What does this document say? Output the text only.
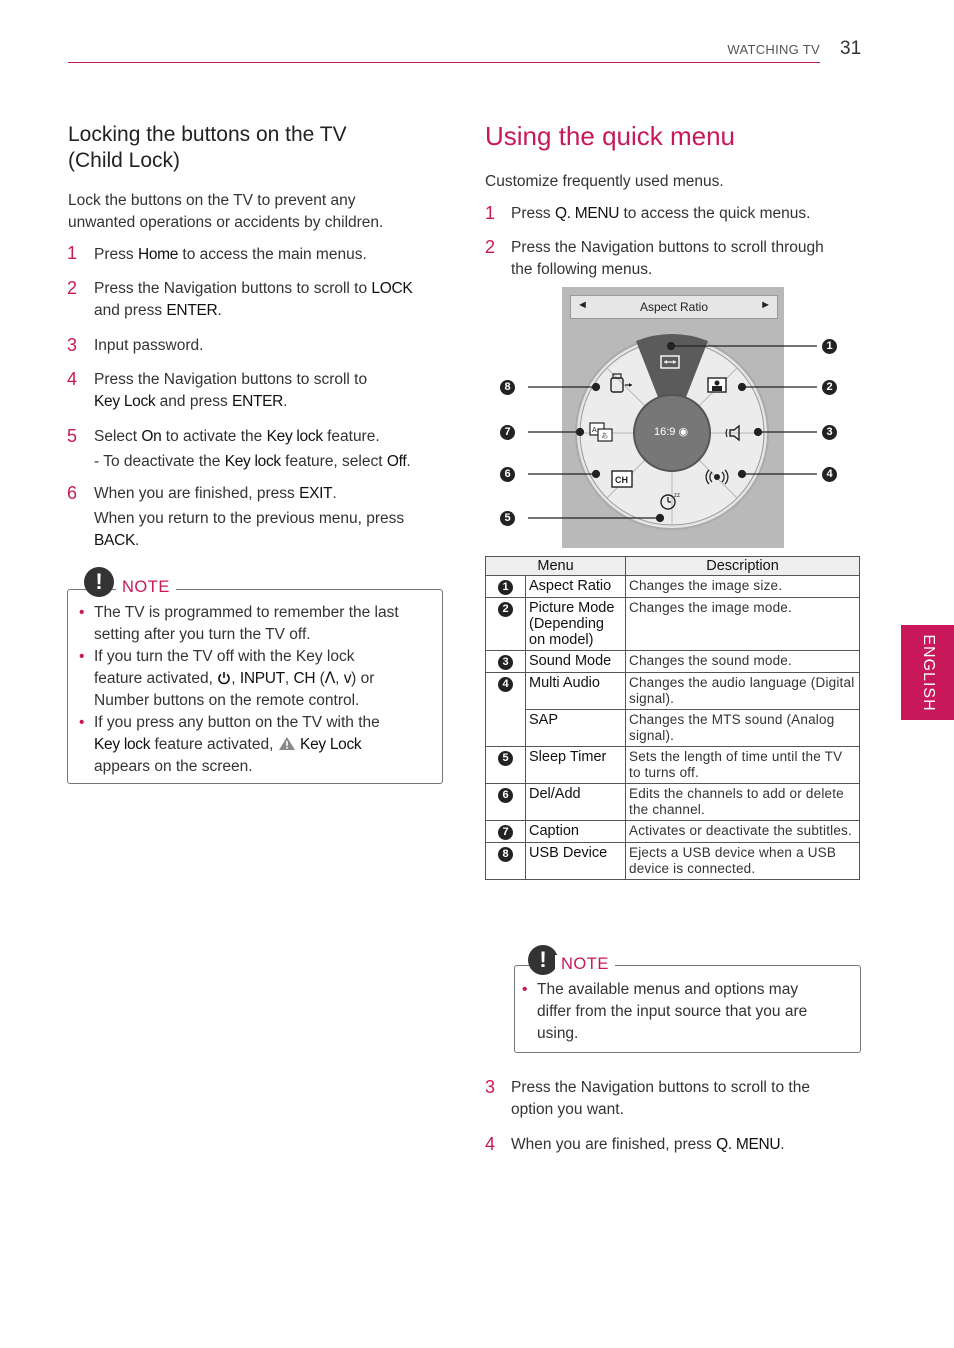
WATCHING TV 31
ENGLISH
Locking the buttons on the TV
(Child Lock)
Lock the buttons on the TV to prevent any
unwanted operations or accidents by children.
1 Press Home to access the main menus.
2 Press the Navigation buttons to scroll to LOCK
and press ENTER.
3 Input password.
4 Press the Navigation buttons to scroll to
Key Lock and press ENTER.
5 Select On to activate the Key lock feature.
- To deactivate the Key lock feature, select Off.
6 When you are finished, press EXIT.
When you return to the previous menu, press
BACK.
!	NOTE
• The TV is programmed to remember the last
setting after you turn the TV off.
• If you turn the TV off with the Key lock
feature activated, , INPUT, CH (ᐱ, v) or
Number buttons on the remote control.
• If you press any button on the TV with the
Key lock feature activated,  Key Lock
appears on the screen.
Using the quick menu
Customize frequently used menus.
1 Press Q. MENU to access the quick menus.
2 Press the Navigation buttons to scroll through
the following menus.
◄	Aspect Ratio	►
16:9 ◉
zz
CH
A
あ
1
2
3
4
5
6
7
8
Menu		Description
1	Aspect Ratio	Changes the image size.
2	Picture Mode (Depending on model)	Changes the image mode.
3	Sound Mode	Changes the sound mode.
4	Multi Audio	Changes the audio language (Digital signal).
	SAP	Changes the MTS sound (Analog signal).
5	Sleep Timer	Sets the length of time until the TV to turns off.
6	Del/Add	Edits the channels to add or delete the channel.
7	Caption	Activates or deactivate the subtitles.
8	USB Device	Ejects a USB device when a USB device is connected.
! NOTE
• The available menus and options may
differ from the input source that you are
using.
3 Press the Navigation buttons to scroll to the
option you want.
4 When you are finished, press Q. MENU.
